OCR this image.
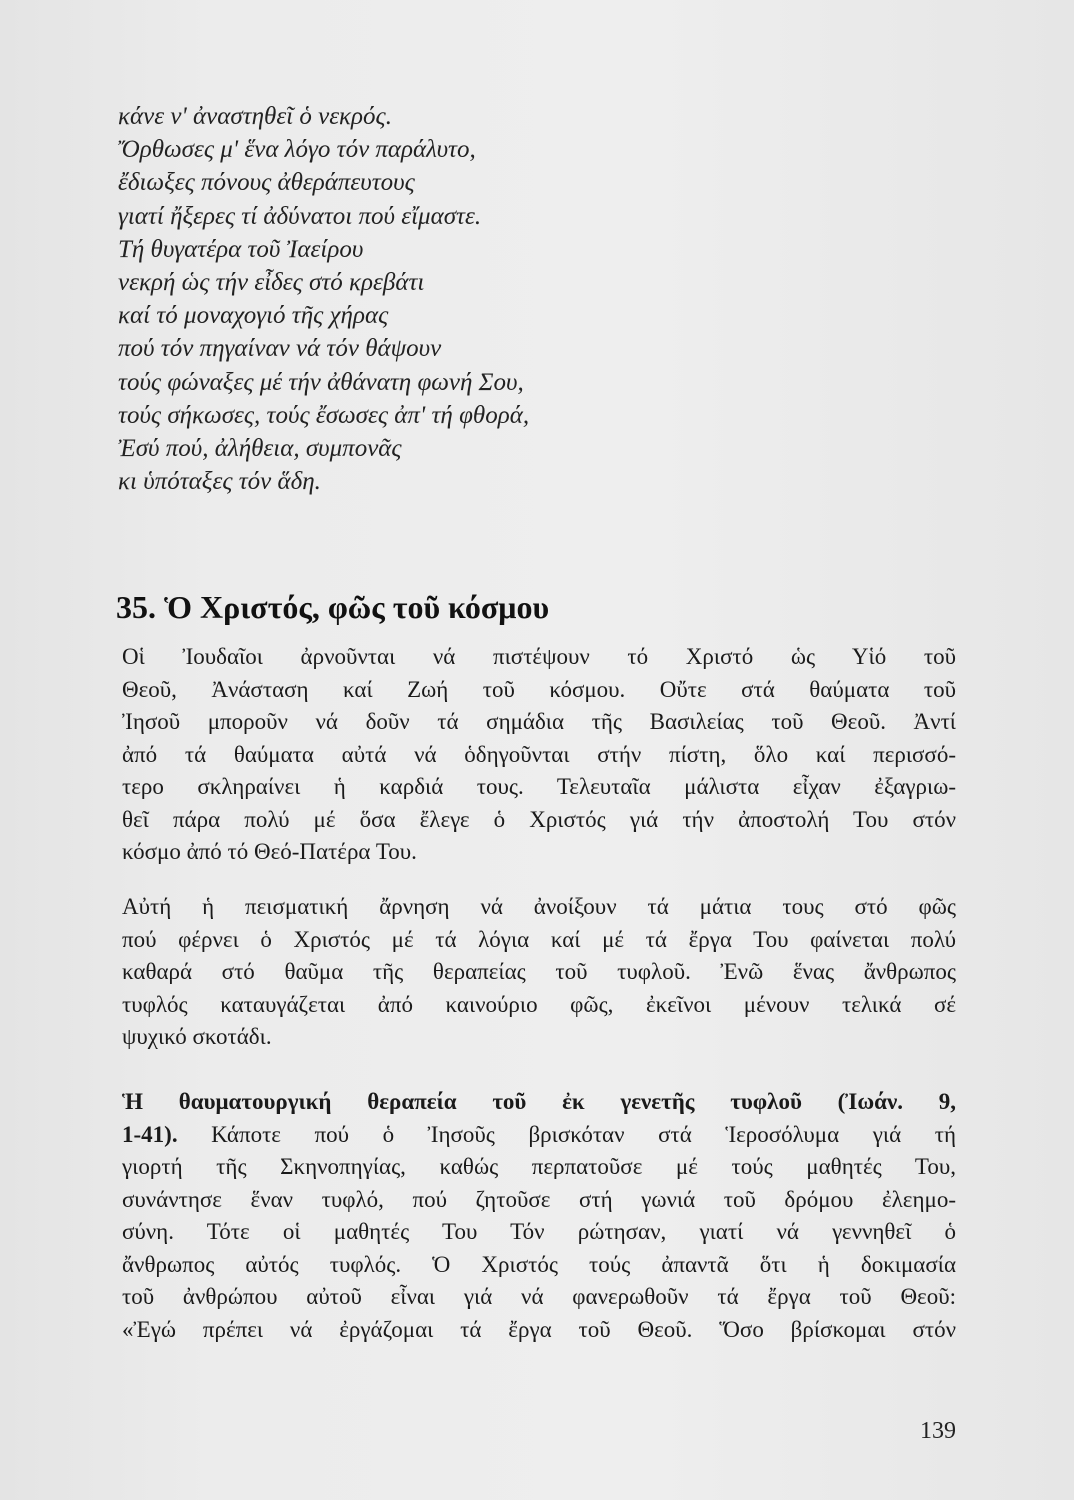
κάνε ν' ἀναστηθεῖ ὁ νεκρός.
Ὄρθωσες μ' ἕνα λόγο τόν παράλυτο,
ἔδιωξες πόνους ἀθεράπευτους
γιατί ἤξερες τί ἀδύνατοι πού εἴμαστε.
Τή θυγατέρα τοῦ Ἰαείρου
νεκρή ὡς τήν εἶδες στό κρεβάτι
καί τό μοναχογιό τῆς χήρας
πού τόν πηγαίναν νά τόν θάψουν
τούς φώναξες μέ τήν ἀθάνατη φωνή Σου,
τούς σήκωσες, τούς ἔσωσες ἀπ' τή φθορά,
Ἐσύ πού, ἀλήθεια, συμπονᾶς
κι ὑπόταξες τόν ἅδη.
35. Ὁ Χριστός, φῶς τοῦ κόσμου
Οἱ Ἰουδαῖοι ἀρνοῦνται νά πιστέψουν τό Χριστό ὡς Υἱό τοῦ
Θεοῦ, Ἀνάσταση καί Ζωή τοῦ κόσμου. Οὔτε στά θαύματα τοῦ
Ἰησοῦ μποροῦν νά δοῦν τά σημάδια τῆς Βασιλείας τοῦ Θεοῦ. Ἀντί
ἀπό τά θαύματα αὐτά νά ὁδηγοῦνται στήν πίστη, ὅλο καί περισσό-
τερο σκληραίνει ἡ καρδιά τους. Τελευταῖα μάλιστα εἶχαν ἐξαγριω-
θεῖ πάρα πολύ μέ ὅσα ἔλεγε ὁ Χριστός γιά τήν ἀποστολή Του στόν
κόσμο ἀπό τό Θεό-Πατέρα Του.
Αὐτή ἡ πεισματική ἄρνηση νά ἀνοίξουν τά μάτια τους στό φῶς
πού φέρνει ὁ Χριστός μέ τά λόγια καί μέ τά ἔργα Του φαίνεται πολύ
καθαρά στό θαῦμα τῆς θεραπείας τοῦ τυφλοῦ. Ἐνῶ ἕνας ἄνθρωπος
τυφλός καταυγάζεται ἀπό καινούριο φῶς, ἐκεῖνοι μένουν τελικά σέ
ψυχικό σκοτάδι.
Ἡ θαυματουργική θεραπεία τοῦ ἐκ γενετῆς τυφλοῦ (Ἰωάν. 9,
1-41). Κάποτε πού ὁ Ἰησοῦς βρισκόταν στά Ἱεροσόλυμα γιά τή
γιορτή τῆς Σκηνοπηγίας, καθώς περπατοῦσε μέ τούς μαθητές Του,
συνάντησε ἕναν τυφλό, πού ζητοῦσε στή γωνιά τοῦ δρόμου ἐλεημο-
σύνη. Τότε οἱ μαθητές Του Τόν ρώτησαν, γιατί νά γεννηθεῖ ὁ
ἄνθρωπος αὐτός τυφλός. Ὁ Χριστός τούς ἀπαντᾶ ὅτι ἡ δοκιμασία
τοῦ ἀνθρώπου αὐτοῦ εἶναι γιά νά φανερωθοῦν τά ἔργα τοῦ Θεοῦ:
«Ἐγώ πρέπει νά ἐργάζομαι τά ἔργα τοῦ Θεοῦ. Ὅσο βρίσκομαι στόν
139
